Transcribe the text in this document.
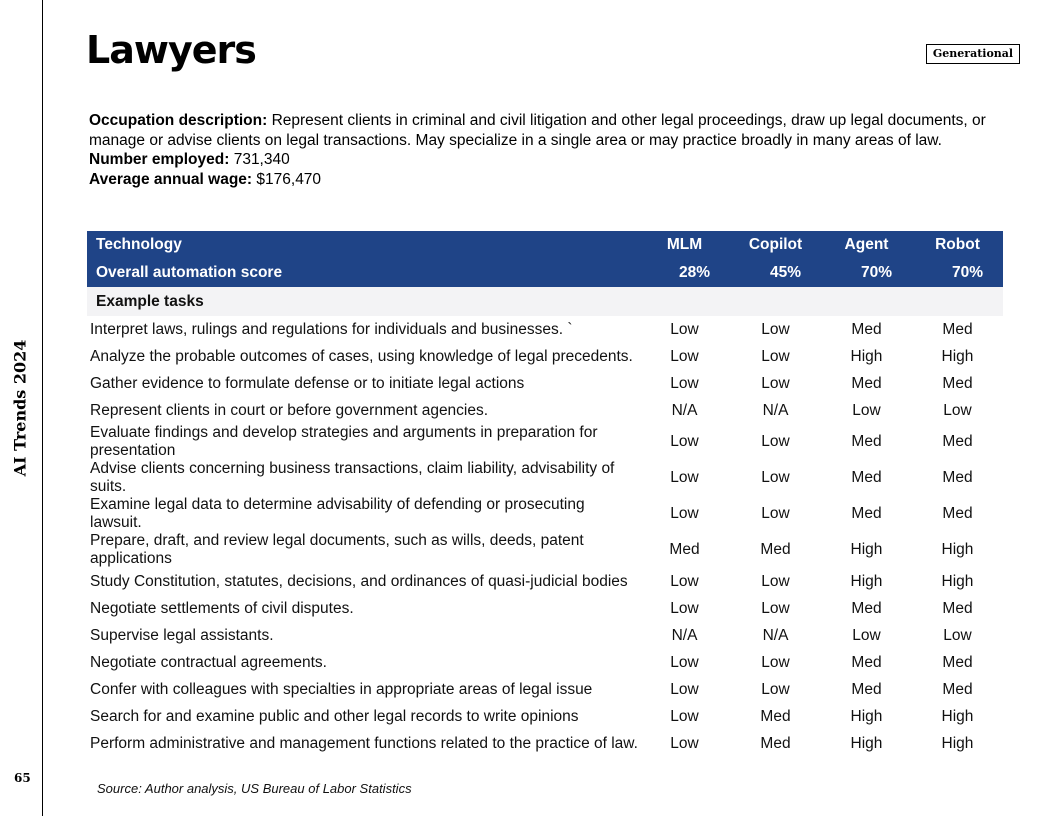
AI Trends 2024
65
Lawyers	Generational
Occupation description: Represent clients in criminal and civil litigation and other legal proceedings, draw up legal documents, or manage or advise clients on legal transactions. May specialize in a single area or may practice broadly in many areas of law.
Number employed: 731,340
Average annual wage: $176,470
Technology	MLM	Copilot	Agent	Robot
Overall automation score	28%	45%	70%	70%
Example tasks				
Interpret laws, rulings and regulations for individuals and businesses. `	Low	Low	Med	Med
Analyze the probable outcomes of cases, using knowledge of legal precedents.	Low	Low	High	High
Gather evidence to formulate defense or to initiate legal actions	Low	Low	Med	Med
Represent clients in court or before government agencies.	N/A	N/A	Low	Low
Evaluate findings and develop strategies and arguments in preparation for presentation	Low	Low	Med	Med
Advise clients concerning business transactions, claim liability, advisability of suits.	Low	Low	Med	Med
Examine legal data to determine advisability of defending or prosecuting lawsuit.	Low	Low	Med	Med
Prepare, draft, and review legal documents, such as wills, deeds, patent applications	Med	Med	High	High
Study Constitution, statutes, decisions, and ordinances of quasi-judicial bodies	Low	Low	High	High
Negotiate settlements of civil disputes.	Low	Low	Med	Med
Supervise legal assistants.	N/A	N/A	Low	Low
Negotiate contractual agreements.	Low	Low	Med	Med
Confer with colleagues with specialties in appropriate areas of legal issue	Low	Low	Med	Med
Search for and examine public and other legal records to write opinions	Low	Med	High	High
Perform administrative and management functions related to the practice of law.	Low	Med	High	High
Source: Author analysis, US Bureau of Labor Statistics
